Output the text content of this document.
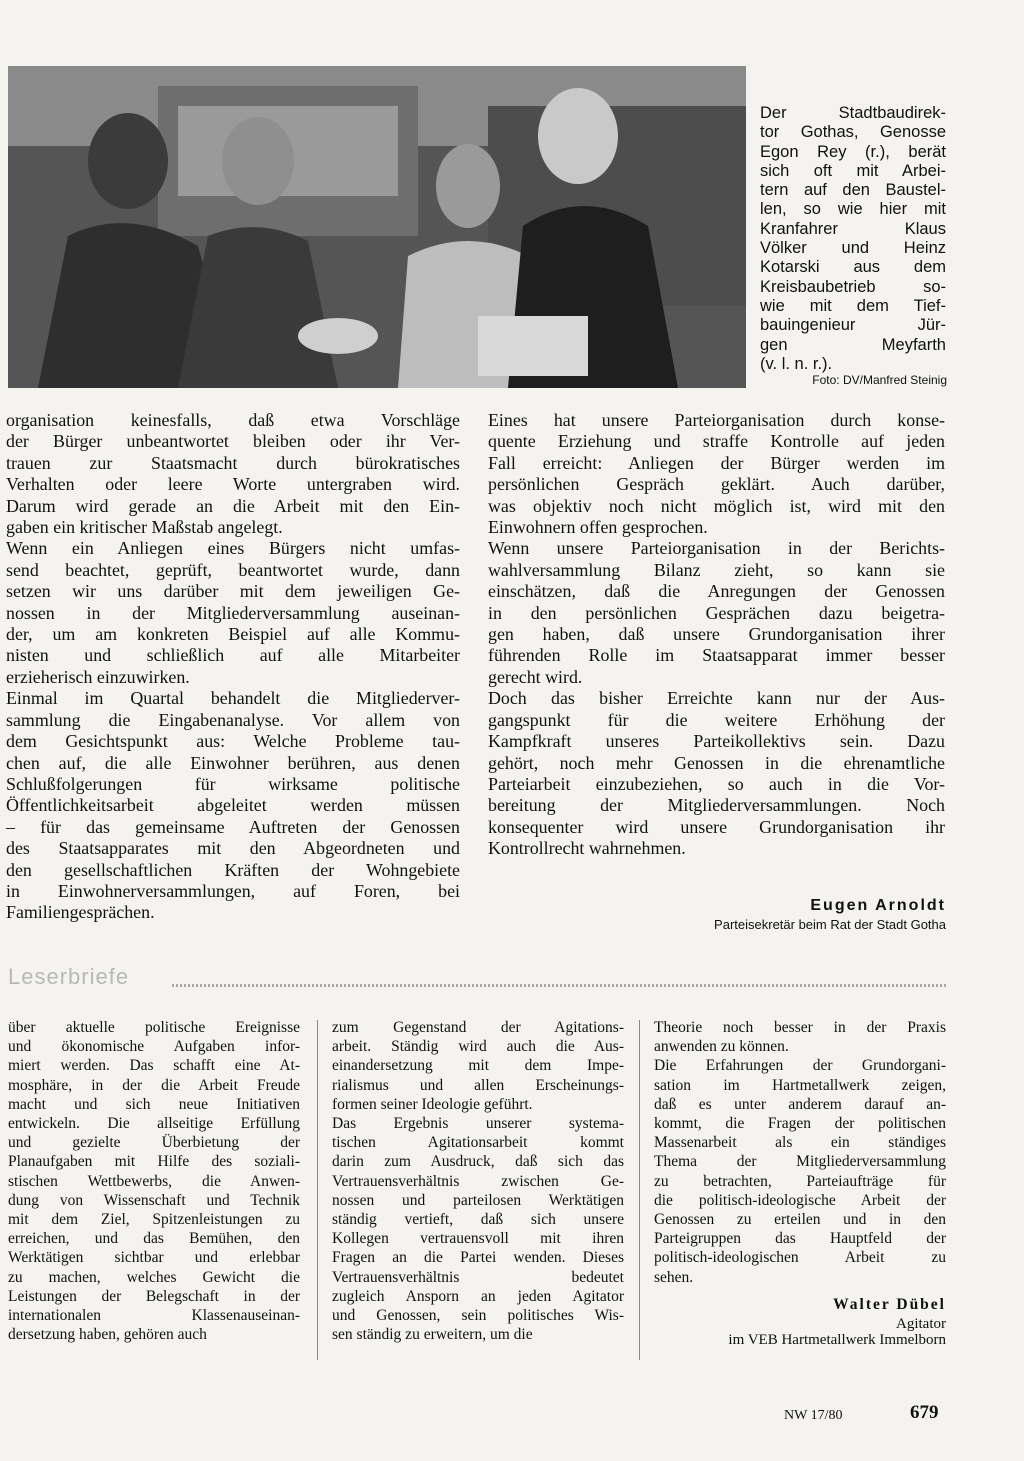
Der Stadtbaudirek-
tor Gothas, Genosse
Egon Rey (r.), berät
sich oft mit Arbei-
tern auf den Baustel-
len, so wie hier mit
Kranfahrer Klaus
Völker und Heinz
Kotarski aus dem
Kreisbaubetrieb so-
wie mit dem Tief-
bauingenieur Jür-
gen Meyfarth
(v. l. n. r.).
Foto: DV/Manfred Steinig
organisation keinesfalls, daß etwa Vorschläge
der Bürger unbeantwortet bleiben oder ihr Ver-
trauen zur Staatsmacht durch bürokratisches
Verhalten oder leere Worte untergraben wird.
Darum wird gerade an die Arbeit mit den Ein-
gaben ein kritischer Maßstab angelegt.
Wenn ein Anliegen eines Bürgers nicht umfas-
send beachtet, geprüft, beantwortet wurde, dann
setzen wir uns darüber mit dem jeweiligen Ge-
nossen in der Mitgliederversammlung auseinan-
der, um am konkreten Beispiel auf alle Kommu-
nisten und schließlich auf alle Mitarbeiter
erzieherisch einzuwirken.
Einmal im Quartal behandelt die Mitgliederver-
sammlung die Eingabenanalyse. Vor allem von
dem Gesichtspunkt aus: Welche Probleme tau-
chen auf, die alle Einwohner berühren, aus denen
Schlußfolgerungen für wirksame politische
Öffentlichkeitsarbeit abgeleitet werden müssen
– für das gemeinsame Auftreten der Genossen
des Staatsapparates mit den Abgeordneten und
den gesellschaftlichen Kräften der Wohngebiete
in Einwohnerversammlungen, auf Foren, bei
Familiengesprächen.
Eines hat unsere Parteiorganisation durch konse-
quente Erziehung und straffe Kontrolle auf jeden
Fall erreicht: Anliegen der Bürger werden im
persönlichen Gespräch geklärt. Auch darüber,
was objektiv noch nicht möglich ist, wird mit den
Einwohnern offen gesprochen.
Wenn unsere Parteiorganisation in der Berichts-
wahlversammlung Bilanz zieht, so kann sie
einschätzen, daß die Anregungen der Genossen
in den persönlichen Gesprächen dazu beigetra-
gen haben, daß unsere Grundorganisation ihrer
führenden Rolle im Staatsapparat immer besser
gerecht wird.
Doch das bisher Erreichte kann nur der Aus-
gangspunkt für die weitere Erhöhung der
Kampfkraft unseres Parteikollektivs sein. Dazu
gehört, noch mehr Genossen in die ehrenamtliche
Parteiarbeit einzubeziehen, so auch in die Vor-
bereitung der Mitgliederversammlungen. Noch
konsequenter wird unsere Grundorganisation ihr
Kontrollrecht wahrnehmen.
Eugen Arnoldt
Parteisekretär beim Rat der Stadt Gotha
Leserbriefe
über aktuelle politische Ereignisse
und ökonomische Aufgaben infor-
miert werden. Das schafft eine At-
mosphäre, in der die Arbeit Freude
macht und sich neue Initiativen
entwickeln. Die allseitige Erfüllung
und gezielte Überbietung der
Planaufgaben mit Hilfe des soziali-
stischen Wettbewerbs, die Anwen-
dung von Wissenschaft und Technik
mit dem Ziel, Spitzenleistungen zu
erreichen, und das Bemühen, den
Werktätigen sichtbar und erlebbar
zu machen, welches Gewicht die
Leistungen der Belegschaft in der
internationalen Klassenauseinan-
dersetzung haben, gehören auch
zum Gegenstand der Agitations-
arbeit. Ständig wird auch die Aus-
einandersetzung mit dem Impe-
rialismus und allen Erscheinungs-
formen seiner Ideologie geführt.
Das Ergebnis unserer systema-
tischen Agitationsarbeit kommt
darin zum Ausdruck, daß sich das
Vertrauensverhältnis zwischen Ge-
nossen und parteilosen Werktätigen
ständig vertieft, daß sich unsere
Kollegen vertrauensvoll mit ihren
Fragen an die Partei wenden. Dieses
Vertrauensverhältnis bedeutet
zugleich Ansporn an jeden Agitator
und Genossen, sein politisches Wis-
sen ständig zu erweitern, um die
Theorie noch besser in der Praxis
anwenden zu können.
Die Erfahrungen der Grundorgani-
sation im Hartmetallwerk zeigen,
daß es unter anderem darauf an-
kommt, die Fragen der politischen
Massenarbeit als ein ständiges
Thema der Mitgliederversammlung
zu betrachten, Parteiaufträge für
die politisch-ideologische Arbeit der
Genossen zu erteilen und in den
Parteigruppen das Hauptfeld der
politisch-ideologischen Arbeit zu
sehen.
Walter Dübel
Agitator
im VEB Hartmetallwerk Immelborn
NW 17/80	679
